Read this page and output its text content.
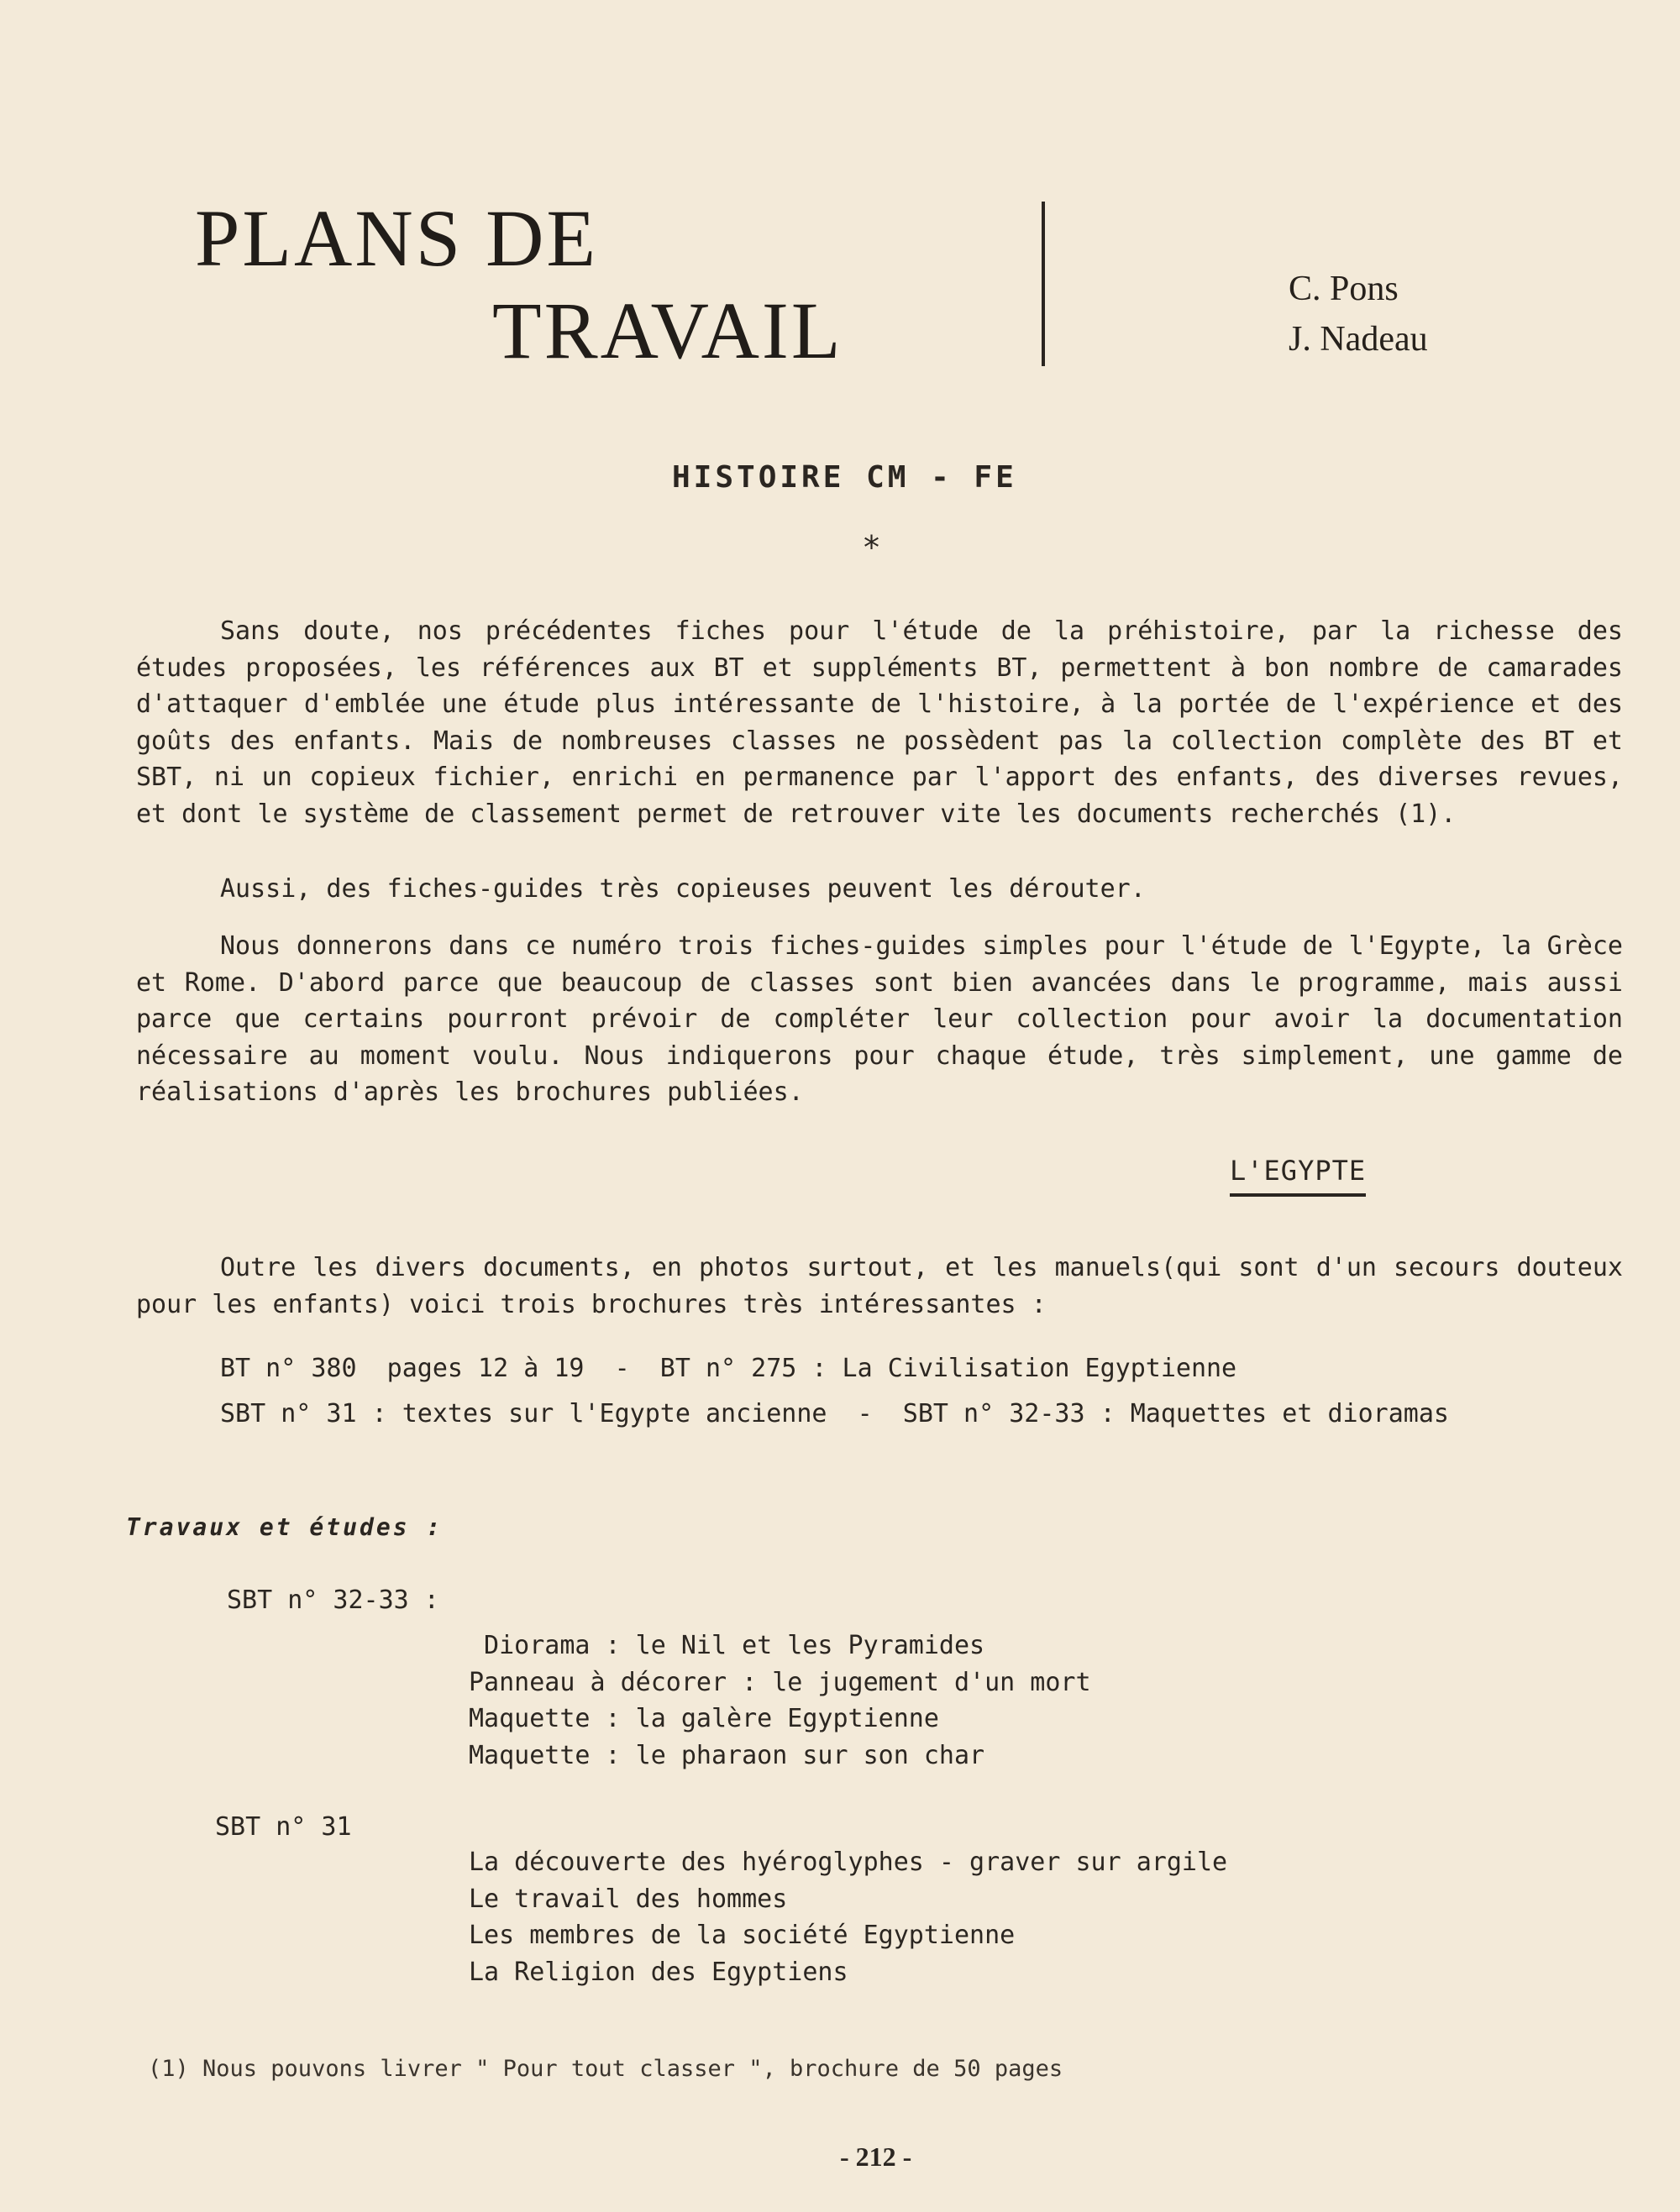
PLANS DE
TRAVAIL	C. Pons
J. Nadeau
HISTOIRE CM - FE
*

Sans doute, nos précédentes fiches pour l'étude de la préhistoire, par la richesse des études proposées, les références aux BT et suppléments BT, permettent à bon nombre de camarades d'attaquer d'emblée une étude plus intéressante de l'histoire, à la portée de l'expérience et des goûts des enfants. Mais de nombreuses classes ne possèdent pas la collection complète des BT et SBT, ni un copieux fichier, enrichi en permanence par l'apport des enfants, des diverses revues, et dont le système de classement permet de retrouver vite les documents recherchés (1).

Aussi, des fiches-guides très copieuses peuvent les dérouter.

Nous donnerons dans ce numéro trois fiches-guides simples pour l'étude de l'Egypte, la Grèce et Rome. D'abord parce que beaucoup de classes sont bien avancées dans le programme, mais aussi parce que certains pourront prévoir de compléter leur collection pour avoir la documentation nécessaire au moment voulu. Nous indiquerons pour chaque étude, très simplement, une gamme de réalisations d'après les brochures publiées.

L'EGYPTE

Outre les divers documents, en photos surtout, et les manuels(qui sont d'un secours douteux pour les enfants) voici trois brochures très intéressantes :

BT n° 380  pages 12 à 19  -  BT n° 275 : La Civilisation Egyptienne
SBT n° 31 : textes sur l'Egypte ancienne  -  SBT n° 32-33 : Maquettes et dioramas
Travaux et études :
SBT n° 32-33 :
Diorama : le Nil et les Pyramides
Panneau à décorer : le jugement d'un mort
Maquette : la galère Egyptienne
Maquette : le pharaon sur son char
SBT n° 31
La découverte des hyéroglyphes - graver sur argile
Le travail des hommes
Les membres de la société Egyptienne
La Religion des Egyptiens
(1) Nous pouvons livrer " Pour tout classer ", brochure de 50 pages
- 212 -
